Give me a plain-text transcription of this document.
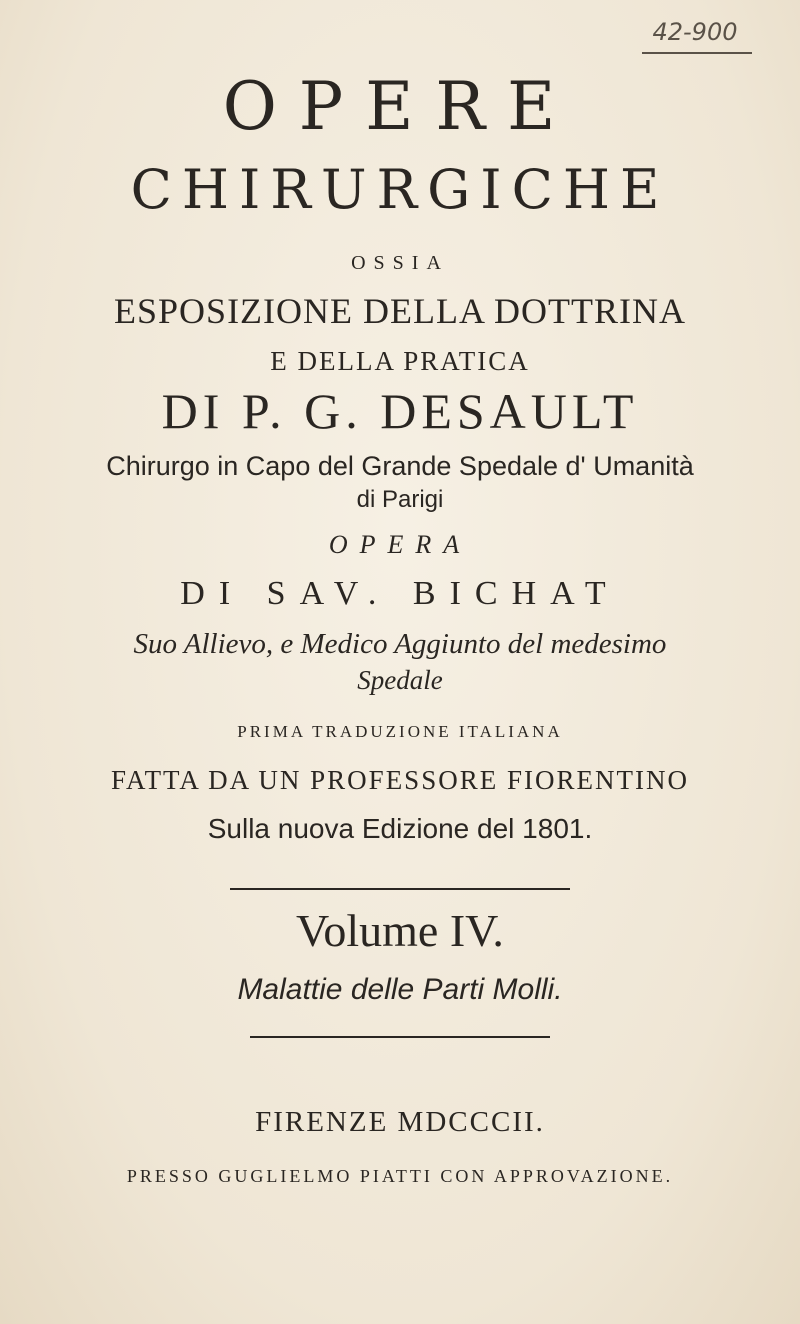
42-900
OPERE
CHIRURGICHE
OSSIA
ESPOSIZIONE DELLA DOTTRINA
E DELLA PRATICA
DI P. G. DESAULT
Chirurgo in Capo del Grande Spedale d' Umanità
di Parigi
OPERA
DI SAV. BICHAT
Suo Allievo, e Medico Aggiunto del medesimo
Spedale
PRIMA TRADUZIONE ITALIANA
FATTA DA UN PROFESSORE FIORENTINO
Sulla nuova Edizione del 1801.
Volume IV.
Malattie delle Parti Molli.
FIRENZE MDCCCII.
PRESSO GUGLIELMO PIATTI CON APPROVAZIONE.
